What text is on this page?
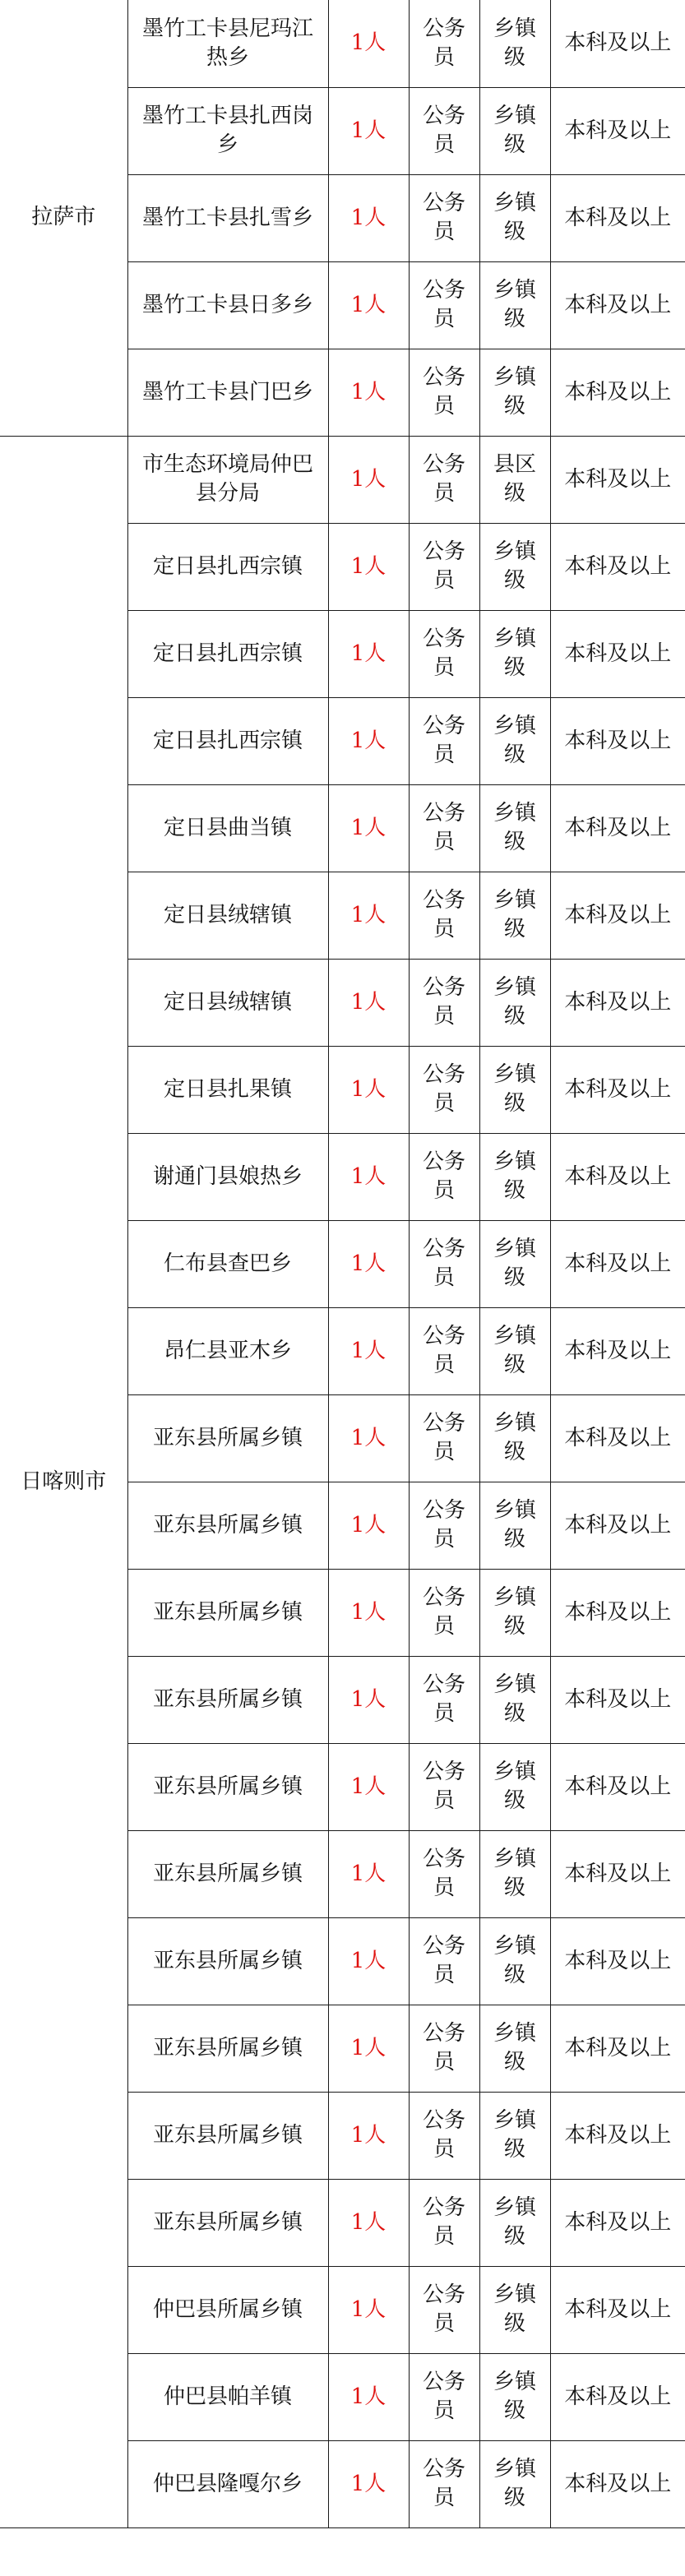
拉萨市	墨竹工卡县尼玛江热乡	1人	公务员	乡镇级	本科及以上
	墨竹工卡县扎西岗乡	1人	公务员	乡镇级	本科及以上
	墨竹工卡县扎雪乡	1人	公务员	乡镇级	本科及以上
	墨竹工卡县日多乡	1人	公务员	乡镇级	本科及以上
	墨竹工卡县门巴乡	1人	公务员	乡镇级	本科及以上
日喀则市	市生态环境局仲巴县分局	1人	公务员	县区级	本科及以上
	定日县扎西宗镇	1人	公务员	乡镇级	本科及以上
	定日县扎西宗镇	1人	公务员	乡镇级	本科及以上
	定日县扎西宗镇	1人	公务员	乡镇级	本科及以上
	定日县曲当镇	1人	公务员	乡镇级	本科及以上
	定日县绒辖镇	1人	公务员	乡镇级	本科及以上
	定日县绒辖镇	1人	公务员	乡镇级	本科及以上
	定日县扎果镇	1人	公务员	乡镇级	本科及以上
	谢通门县娘热乡	1人	公务员	乡镇级	本科及以上
	仁布县查巴乡	1人	公务员	乡镇级	本科及以上
	昂仁县亚木乡	1人	公务员	乡镇级	本科及以上
	亚东县所属乡镇	1人	公务员	乡镇级	本科及以上
	亚东县所属乡镇	1人	公务员	乡镇级	本科及以上
	亚东县所属乡镇	1人	公务员	乡镇级	本科及以上
	亚东县所属乡镇	1人	公务员	乡镇级	本科及以上
	亚东县所属乡镇	1人	公务员	乡镇级	本科及以上
	亚东县所属乡镇	1人	公务员	乡镇级	本科及以上
	亚东县所属乡镇	1人	公务员	乡镇级	本科及以上
	亚东县所属乡镇	1人	公务员	乡镇级	本科及以上
	亚东县所属乡镇	1人	公务员	乡镇级	本科及以上
	亚东县所属乡镇	1人	公务员	乡镇级	本科及以上
	仲巴县所属乡镇	1人	公务员	乡镇级	本科及以上
	仲巴县帕羊镇	1人	公务员	乡镇级	本科及以上
	仲巴县隆嘎尔乡	1人	公务员	乡镇级	本科及以上
